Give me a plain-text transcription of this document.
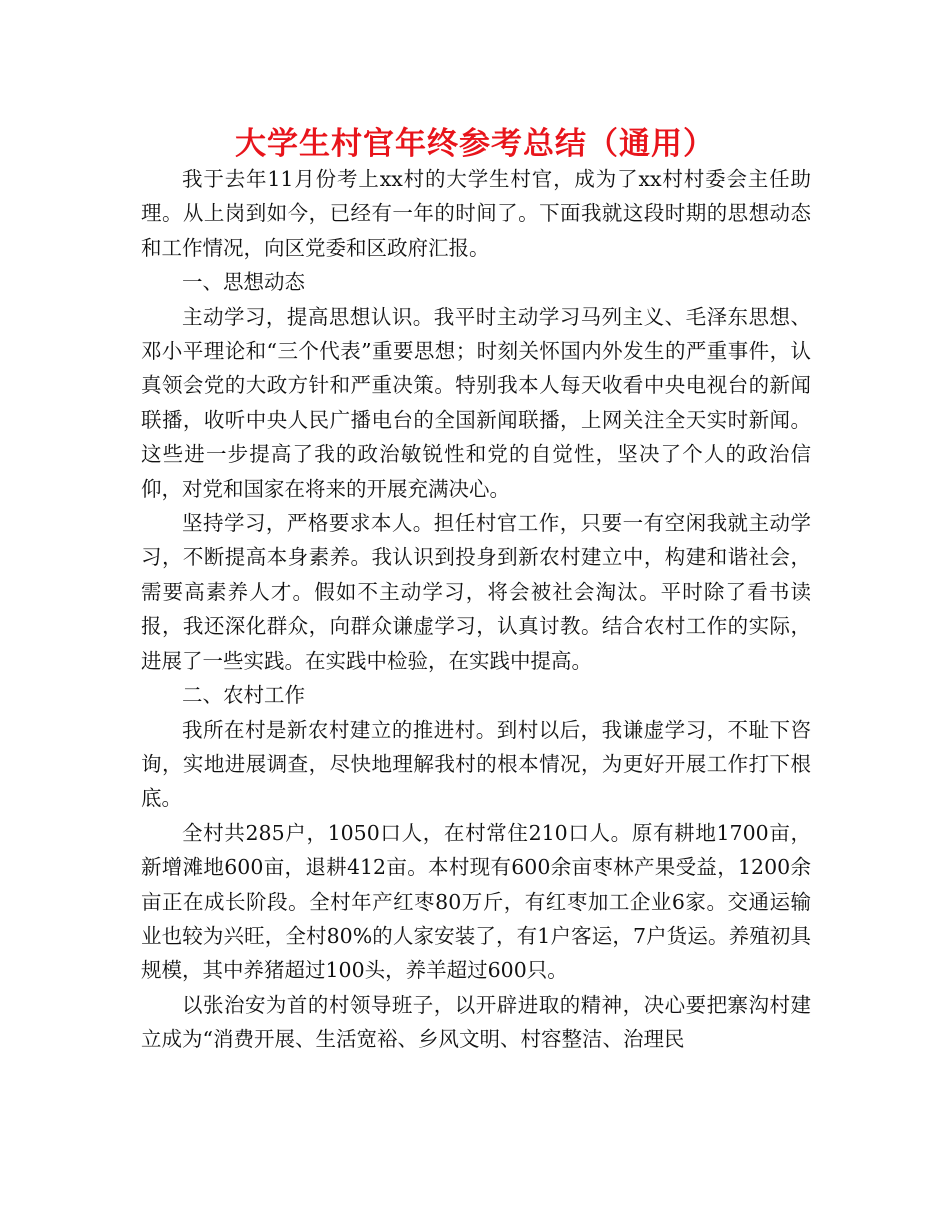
大学生村官年终参考总结（通用）

我于去年11月份考上xx村的大学生村官，成为了xx村村委会主任助理。从上岗到如今，已经有一年的时间了。下面我就这段时期的思想动态和工作情况，向区党委和区政府汇报。

一、思想动态

主动学习，提高思想认识。我平时主动学习马列主义、毛泽东思想、邓小平理论和“三个代表”重要思想；时刻关怀国内外发生的严重事件，认真领会党的大政方针和严重决策。特别我本人每天收看中央电视台的新闻联播，收听中央人民广播电台的全国新闻联播，上网关注全天实时新闻。这些进一步提高了我的政治敏锐性和党的自觉性，坚决了个人的政治信仰，对党和国家在将来的开展充满决心。

坚持学习，严格要求本人。担任村官工作，只要一有空闲我就主动学习，不断提高本身素养。我认识到投身到新农村建立中，构建和谐社会，需要高素养人才。假如不主动学习，将会被社会淘汰。平时除了看书读报，我还深化群众，向群众谦虚学习，认真讨教。结合农村工作的实际，进展了一些实践。在实践中检验，在实践中提高。

二、农村工作

我所在村是新农村建立的推进村。到村以后，我谦虚学习，不耻下咨询，实地进展调查，尽快地理解我村的根本情况，为更好开展工作打下根底。

全村共285户，1050口人，在村常住210口人。原有耕地1700亩，新增滩地600亩，退耕412亩。本村现有600余亩枣林产果受益，1200余亩正在成长阶段。全村年产红枣80万斤，有红枣加工企业6家。交通运输业也较为兴旺，全村80%的人家安装了，有1户客运，7户货运。养殖初具规模，其中养猪超过100头，养羊超过600只。

以张治安为首的村领导班子，以开辟进取的精神，决心要把寨沟村建立成为“消费开展、生活宽裕、乡风文明、村容整洁、治理民
